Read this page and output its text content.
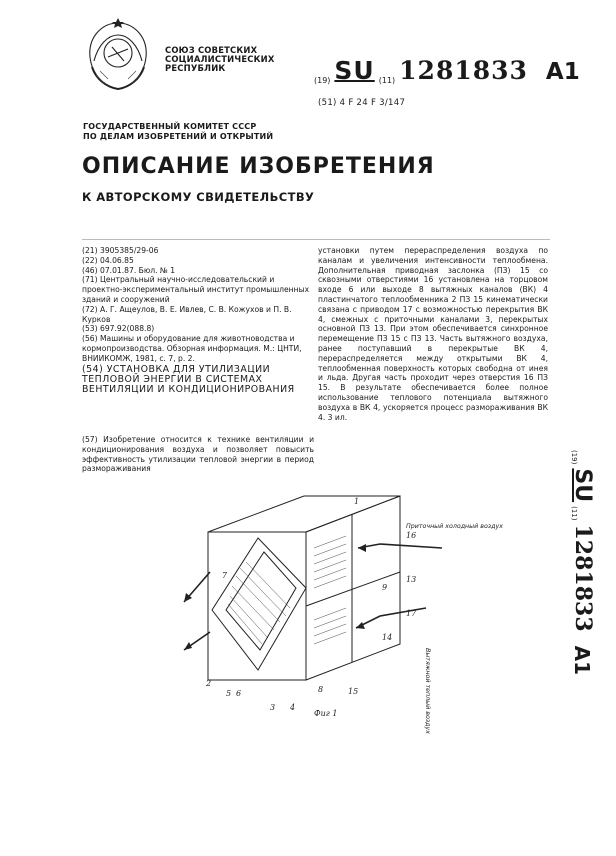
СОЮЗ СОВЕТСКИХ
СОЦИАЛИСТИЧЕСКИХ
РЕСПУБЛИК
(19) SU (11) 1281833 A1
(51) 4 F 24 F 3/147
ГОСУДАРСТВЕННЫЙ КОМИТЕТ СССР
ПО ДЕЛАМ ИЗОБРЕТЕНИЙ И ОТКРЫТИЙ
ОПИСАНИЕ ИЗОБРЕТЕНИЯ
К АВТОРСКОМУ СВИДЕТЕЛЬСТВУ

(21) 3905385/29-06

(22) 04.06.85

(46) 07.01.87. Бюл. № 1

(71) Центральный научно-исследовательский и проектно-экспериментальный институт промышленных зданий и сооружений

(72) А. Г. Ащеулов, В. Е. Ивлев, С. В. Кожухов и П. В. Курков

(53) 697.92(088.8)

(56) Машины и оборудование для животноводства и кормопроизводства. Обзорная информация. М.: ЦНТИ, ВНИИКОМЖ, 1981, с. 7, р. 2.

(54) УСТАНОВКА ДЛЯ УТИЛИЗАЦИИ ТЕПЛОВОЙ ЭНЕРГИИ В СИСТЕМАХ ВЕНТИЛЯЦИИ И КОНДИЦИОНИРОВАНИЯ

(57) Изобретение относится к технике вентиляции и кондиционирования воздуха и позволяет повысить эффективность утилизации тепловой энергии в период размораживания
установки путем перераспределения воздуха по каналам и увеличения интенсивности теплообмена. Дополнительная приводная заслонка (ПЗ) 15 со сквозными отверстиями 16 установлена на торцовом входе 6 или выходе 8 вытяжных каналов (ВК) 4 пластинчатого теплообменника 2 ПЗ 15 кинематически связана с приводом 17 с возможностью перекрытия ВК 4, смежных с приточными каналами 3, перекрытых основной ПЗ 13. При этом обеспечивается синхронное перемещение ПЗ 15 с ПЗ 13. Часть вытяжного воздуха, ранее поступавший в перекрытые ВК 4, перераспределяется между открытыми ВК 4, теплообменная поверхность которых свободна от инея и льда. Другая часть проходит через отверстия 16 ПЗ 15. В результате обеспечивается более полное использование теплового потенциала вытяжного воздуха в ВК 4, ускоряется процесс размораживания ВК 4. 3 ил.
(19)
SU
(11)
1281833
A1
Приточный холодный воздух
Вытяжной теплый воздух
1
7
16
13
17
15
14
2
5 6
3 4
8
9
Фиг 1
